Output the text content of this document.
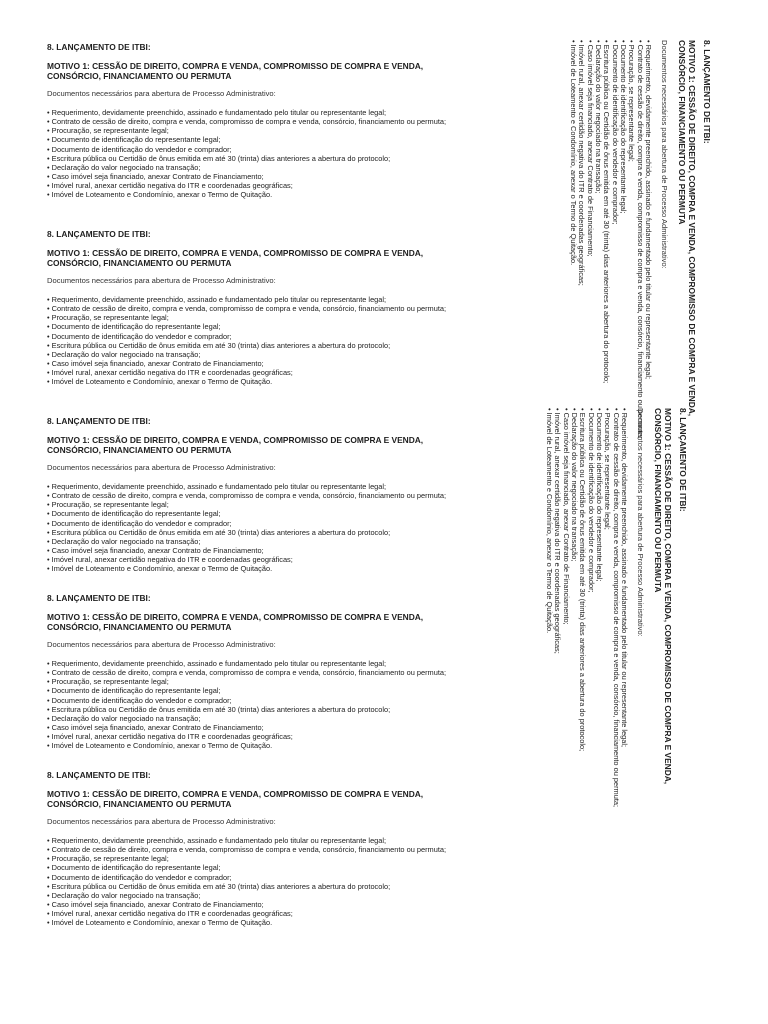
8. LANÇAMENTO DE ITBI:
MOTIVO 1: CESSÃO DE DIREITO, COMPRA E VENDA, COMPROMISSO DE COMPRA E VENDA, CONSÓRCIO, FINANCIAMENTO OU PERMUTA
Documentos necessários para abertura de Processo Administrativo:
• Requerimento, devidamente preenchido, assinado e fundamentado pelo titular ou representante legal;
• Contrato de cessão de direito, compra e venda, compromisso de compra e venda, consórcio, financiamento ou permuta;
• Procuração, se representante legal;
• Documento de identificação do representante legal;
• Documento de identificação do vendedor e comprador;
• Escritura pública ou Certidão de ônus emitida em até 30 (trinta) dias anteriores a abertura do protocolo;
• Declaração do valor negociado na transação;
• Caso imóvel seja financiado, anexar Contrato de Financiamento;
• Imóvel rural, anexar certidão negativa do ITR e coordenadas geográficas;
• Imóvel de Loteamento e Condomínio, anexar o Termo de Quitação.
8. LANÇAMENTO DE ITBI:
MOTIVO 1: CESSÃO DE DIREITO, COMPRA E VENDA, COMPROMISSO DE COMPRA E VENDA, CONSÓRCIO, FINANCIAMENTO OU PERMUTA
Documentos necessários para abertura de Processo Administrativo:
• Requerimento, devidamente preenchido, assinado e fundamentado pelo titular ou representante legal;
• Contrato de cessão de direito, compra e venda, compromisso de compra e venda, consórcio, financiamento ou permuta;
• Procuração, se representante legal;
• Documento de identificação do representante legal;
• Documento de identificação do vendedor e comprador;
• Escritura pública ou Certidão de ônus emitida em até 30 (trinta) dias anteriores a abertura do protocolo;
• Declaração do valor negociado na transação;
• Caso imóvel seja financiado, anexar Contrato de Financiamento;
• Imóvel rural, anexar certidão negativa do ITR e coordenadas geográficas;
• Imóvel de Loteamento e Condomínio, anexar o Termo de Quitação.
8. LANÇAMENTO DE ITBI:
MOTIVO 1: CESSÃO DE DIREITO, COMPRA E VENDA, COMPROMISSO DE COMPRA E VENDA, CONSÓRCIO, FINANCIAMENTO OU PERMUTA
Documentos necessários para abertura de Processo Administrativo:
• Requerimento, devidamente preenchido, assinado e fundamentado pelo titular ou representante legal;
• Contrato de cessão de direito, compra e venda, compromisso de compra e venda, consórcio, financiamento ou permuta;
• Procuração, se representante legal;
• Documento de identificação do representante legal;
• Documento de identificação do vendedor e comprador;
• Escritura pública ou Certidão de ônus emitida em até 30 (trinta) dias anteriores a abertura do protocolo;
• Declaração do valor negociado na transação;
• Caso imóvel seja financiado, anexar Contrato de Financiamento;
• Imóvel rural, anexar certidão negativa do ITR e coordenadas geográficas;
• Imóvel de Loteamento e Condomínio, anexar o Termo de Quitação.
8. LANÇAMENTO DE ITBI:
MOTIVO 1: CESSÃO DE DIREITO, COMPRA E VENDA, COMPROMISSO DE COMPRA E VENDA, CONSÓRCIO, FINANCIAMENTO OU PERMUTA
Documentos necessários para abertura de Processo Administrativo:
• Requerimento, devidamente preenchido, assinado e fundamentado pelo titular ou representante legal;
• Contrato de cessão de direito, compra e venda, compromisso de compra e venda, consórcio, financiamento ou permuta;
• Procuração, se representante legal;
• Documento de identificação do representante legal;
• Documento de identificação do vendedor e comprador;
• Escritura pública ou Certidão de ônus emitida em até 30 (trinta) dias anteriores a abertura do protocolo;
• Declaração do valor negociado na transação;
• Caso imóvel seja financiado, anexar Contrato de Financiamento;
• Imóvel rural, anexar certidão negativa do ITR e coordenadas geográficas;
• Imóvel de Loteamento e Condomínio, anexar o Termo de Quitação.
8. LANÇAMENTO DE ITBI:
MOTIVO 1: CESSÃO DE DIREITO, COMPRA E VENDA, COMPROMISSO DE COMPRA E VENDA, CONSÓRCIO, FINANCIAMENTO OU PERMUTA
Documentos necessários para abertura de Processo Administrativo:
• Requerimento, devidamente preenchido, assinado e fundamentado pelo titular ou representante legal;
• Contrato de cessão de direito, compra e venda, compromisso de compra e venda, consórcio, financiamento ou permuta;
• Procuração, se representante legal;
• Documento de identificação do representante legal;
• Documento de identificação do vendedor e comprador;
• Escritura pública ou Certidão de ônus emitida em até 30 (trinta) dias anteriores a abertura do protocolo;
• Declaração do valor negociado na transação;
• Caso imóvel seja financiado, anexar Contrato de Financiamento;
• Imóvel rural, anexar certidão negativa do ITR e coordenadas geográficas;
• Imóvel de Loteamento e Condomínio, anexar o Termo de Quitação.
8. LANÇAMENTO DE ITBI:
MOTIVO 1: CESSÃO DE DIREITO, COMPRA E VENDA, COMPROMISSO DE COMPRA E VENDA, CONSÓRCIO, FINANCIAMENTO OU PERMUTA
Documentos necessários para abertura de Processo Administrativo:
• Requerimento, devidamente preenchido, assinado e fundamentado pelo titular ou representante legal;
• Contrato de cessão de direito, compra e venda, compromisso de compra e venda, consórcio, financiamento ou permuta;
• Procuração, se representante legal;
• Documento de identificação do representante legal;
• Documento de identificação do vendedor e comprador;
• Escritura pública ou Certidão de ônus emitida em até 30 (trinta) dias anteriores a abertura do protocolo;
• Declaração do valor negociado na transação;
• Caso imóvel seja financiado, anexar Contrato de Financiamento;
• Imóvel rural, anexar certidão negativa do ITR e coordenadas geográficas;
• Imóvel de Loteamento e Condomínio, anexar o Termo de Quitação.
8. LANÇAMENTO DE ITBI:
MOTIVO 1: CESSÃO DE DIREITO, COMPRA E VENDA, COMPROMISSO DE COMPRA E VENDA, CONSÓRCIO, FINANCIAMENTO OU PERMUTA
Documentos necessários para abertura de Processo Administrativo:
• Requerimento, devidamente preenchido, assinado e fundamentado pelo titular ou representante legal;
• Contrato de cessão de direito, compra e venda, compromisso de compra e venda, consórcio, financiamento ou permuta;
• Procuração, se representante legal;
• Documento de identificação do representante legal;
• Documento de identificação do vendedor e comprador;
• Escritura pública ou Certidão de ônus emitida em até 30 (trinta) dias anteriores a abertura do protocolo;
• Declaração do valor negociado na transação;
• Caso imóvel seja financiado, anexar Contrato de Financiamento;
• Imóvel rural, anexar certidão negativa do ITR e coordenadas geográficas;
• Imóvel de Loteamento e Condomínio, anexar o Termo de Quitação.
